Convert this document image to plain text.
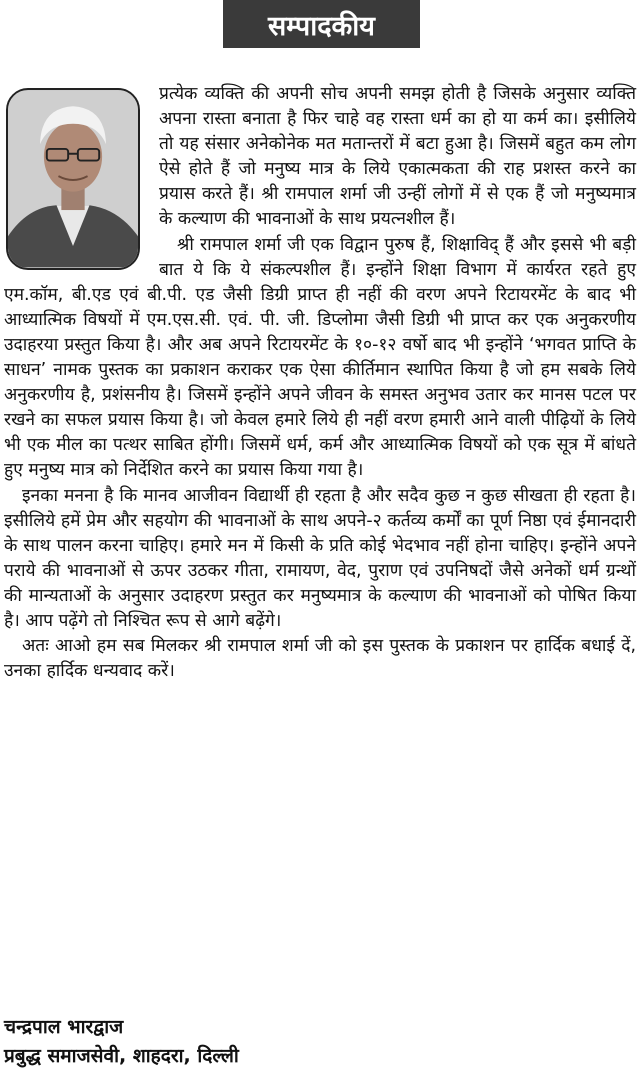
सम्पादकीय

प्रत्येक व्यक्ति की अपनी सोच अपनी समझ होती है जिसके अनुसार व्यक्ति अपना रास्ता बनाता है फिर चाहे वह रास्ता धर्म का हो या कर्म का। इसीलिये तो यह संसार अनेकोनेक मत मतान्तरों में बटा हुआ है। जिसमें बहुत कम लोग ऐसे होते हैं जो मनुष्य मात्र के लिये एकात्मकता की राह प्रशस्त करने का प्रयास करते हैं। श्री रामपाल शर्मा जी उन्हीं लोगों में से एक हैं जो मनुष्यमात्र के कल्याण की भावनाओं के साथ प्रयत्नशील हैं।

श्री रामपाल शर्मा जी एक विद्वान पुरुष हैं, शिक्षाविद् हैं और इससे भी बड़ी बात ये कि ये संकल्पशील हैं। इन्होंने शिक्षा विभाग में कार्यरत रहते हुए एम.कॉम, बी.एड एवं बी.पी. एड जैसी डिग्री प्राप्त ही नहीं की वरण अपने रिटायरमेंट के बाद भी आध्यात्मिक विषयों में एम.एस.सी. एवं. पी. जी. डिप्लोमा जैसी डिग्री भी प्राप्त कर एक अनुकरणीय उदाहरया प्रस्तुत किया है। और अब अपने रिटायरमेंट के १०-१२ वर्षो बाद भी इन्होंने ‘भगवत प्राप्ति के साधन’ नामक पुस्तक का प्रकाशन कराकर एक ऐसा कीर्तिमान स्थापित किया है जो हम सबके लिये अनुकरणीय है, प्रशंसनीय है। जिसमें इन्होंने अपने जीवन के समस्त अनुभव उतार कर मानस पटल पर रखने का सफल प्रयास किया है। जो केवल हमारे लिये ही नहीं वरण हमारी आने वाली पीढ़ियों के लिये भी एक मील का पत्थर साबित होंगी। जिसमें धर्म, कर्म और आध्यात्मिक विषयों को एक सूत्र में बांधते हुए मनुष्य मात्र को निर्देशित करने का प्रयास किया गया है।

इनका मनना है कि मानव आजीवन विद्यार्थी ही रहता है और सदैव कुछ न कुछ सीखता ही रहता है। इसीलिये हमें प्रेम और सहयोग की भावनाओं के साथ अपने-२ कर्तव्य कर्मों का पूर्ण निष्ठा एवं ईमानदारी के साथ पालन करना चाहिए। हमारे मन में किसी के प्रति कोई भेदभाव नहीं होना चाहिए। इन्होंने अपने पराये की भावनाओं से ऊपर उठकर गीता, रामायण, वेद, पुराण एवं उपनिषदों जैसे अनेकों धर्म ग्रन्थों की मान्यताओं के अनुसार उदाहरण प्रस्तुत कर मनुष्यमात्र के कल्याण की भावनाओं को पोषित किया है। आप पढ़ेंगे तो निश्चित रूप से आगे बढ़ेंगे।

अतः आओ हम सब मिलकर श्री रामपाल शर्मा जी को इस पुस्तक के प्रकाशन पर हार्दिक बधाई दें, उनका हार्दिक धन्यवाद करें।

चन्द्रपाल भारद्वाज
प्रबुद्ध समाजसेवी, शाहदरा, दिल्ली
